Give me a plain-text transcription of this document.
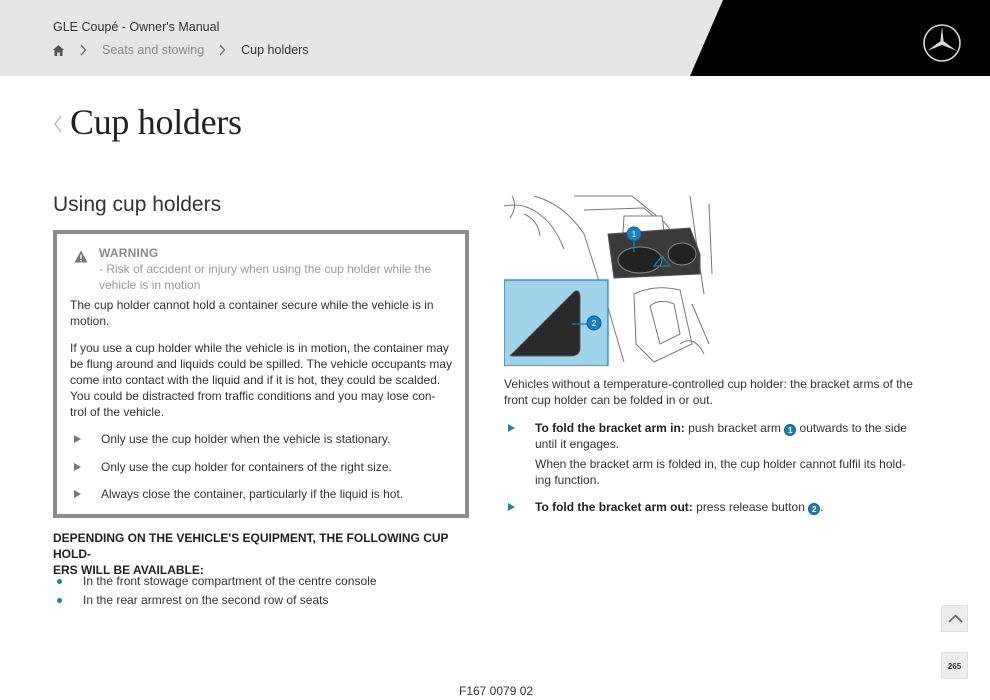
GLE Coupé - Owner's Manual
Seats and stowing	Cup holders
Cup holders
Using cup holders
WARNING
- Risk of accident or injury when using the cup holder while the
vehicle is in motion
The cup holder cannot hold a container secure while the vehicle is in
motion.
If you use a cup holder while the vehicle is in motion, the container may
be flung around and liquids could be spilled. The vehicle occupants may
come into contact with the liquid and if it is hot, they could be scalded.
You could be distracted from traffic conditions and you may lose con-
trol of the vehicle.
Only use the cup holder when the vehicle is stationary.
Only use the cup holder for containers of the right size.
Always close the container, particularly if the liquid is hot.
DEPENDING ON THE VEHICLE'S EQUIPMENT, THE FOLLOWING CUP HOLD-
ERS WILL BE AVAILABLE:
In the front stowage compartment of the centre console
In the rear armrest on the second row of seats
1
2
Vehicles without a temperature-controlled cup holder: the bracket arms of the
front cup holder can be folded in or out.
To fold the bracket arm in: push bracket arm 1 outwards to the side
until it engages.
When the bracket arm is folded in, the cup holder cannot fulfil its hold-
ing function.
To fold the bracket arm out: press release button 2 .
265
F167 0079 02
